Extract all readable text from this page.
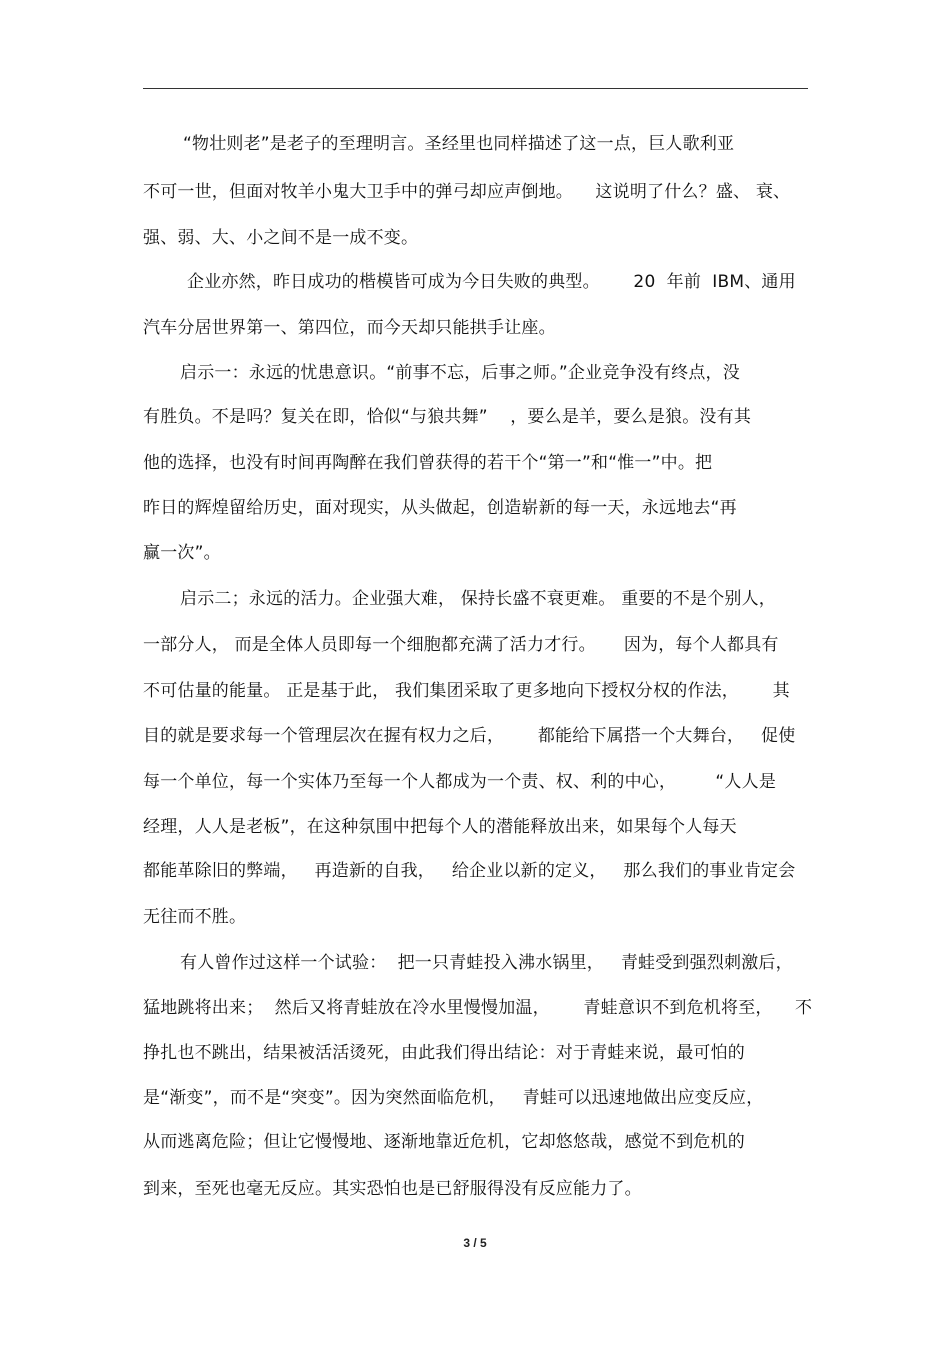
“物壮则老”是老子的至理明言。圣经里也同样描述了这一点，巨人歌利亚
不可一世，但面对牧羊小鬼大卫手中的弹弓却应声倒地。    这说明了什么？盛、 衰、
强、弱、大、小之间不是一成不变。
企业亦然，昨日成功的楷模皆可成为今日失败的典型。      20  年前  IBM、通用
汽车分居世界第一、第四位，而今天却只能拱手让座。
启示一：永远的忧患意识。“前事不忘，后事之师。”企业竞争没有终点，没
有胜负。不是吗？复关在即，恰似“与狼共舞”    ，要么是羊，要么是狼。没有其
他的选择，也没有时间再陶醉在我们曾获得的若干个“第一”和“惟一”中。把
昨日的辉煌留给历史，面对现实，从头做起，创造崭新的每一天，永远地去“再
赢一次”。
启示二；永远的活力。企业强大难， 保持长盛不衰更难。 重要的不是个别人，
一部分人， 而是全体人员即每一个细胞都充满了活力才行。     因为，每个人都具有
不可估量的能量。 正是基于此， 我们集团采取了更多地向下授权分权的作法，      其
目的就是要求每一个管理层次在握有权力之后，      都能给下属搭一个大舞台，   促使
每一个单位，每一个实体乃至每一个人都成为一个责、权、利的中心，       “人人是
经理，人人是老板”，在这种氛围中把每个人的潜能释放出来，如果每个人每天
都能革除旧的弊端，   再造新的自我，   给企业以新的定义，   那么我们的事业肯定会
无往而不胜。
有人曾作过这样一个试验：  把一只青蛙投入沸水锅里，   青蛙受到强烈刺激后，
猛地跳将出来；  然后又将青蛙放在冷水里慢慢加温，      青蛙意识不到危机将至，    不
挣扎也不跳出，结果被活活烫死，由此我们得出结论：对于青蛙来说，最可怕的
是“渐变”，而不是“突变”。因为突然面临危机，   青蛙可以迅速地做出应变反应，
从而逃离危险；但让它慢慢地、逐渐地靠近危机，它却悠悠哉，感觉不到危机的
到来，至死也毫无反应。其实恐怕也是已舒服得没有反应能力了。
3 / 5
